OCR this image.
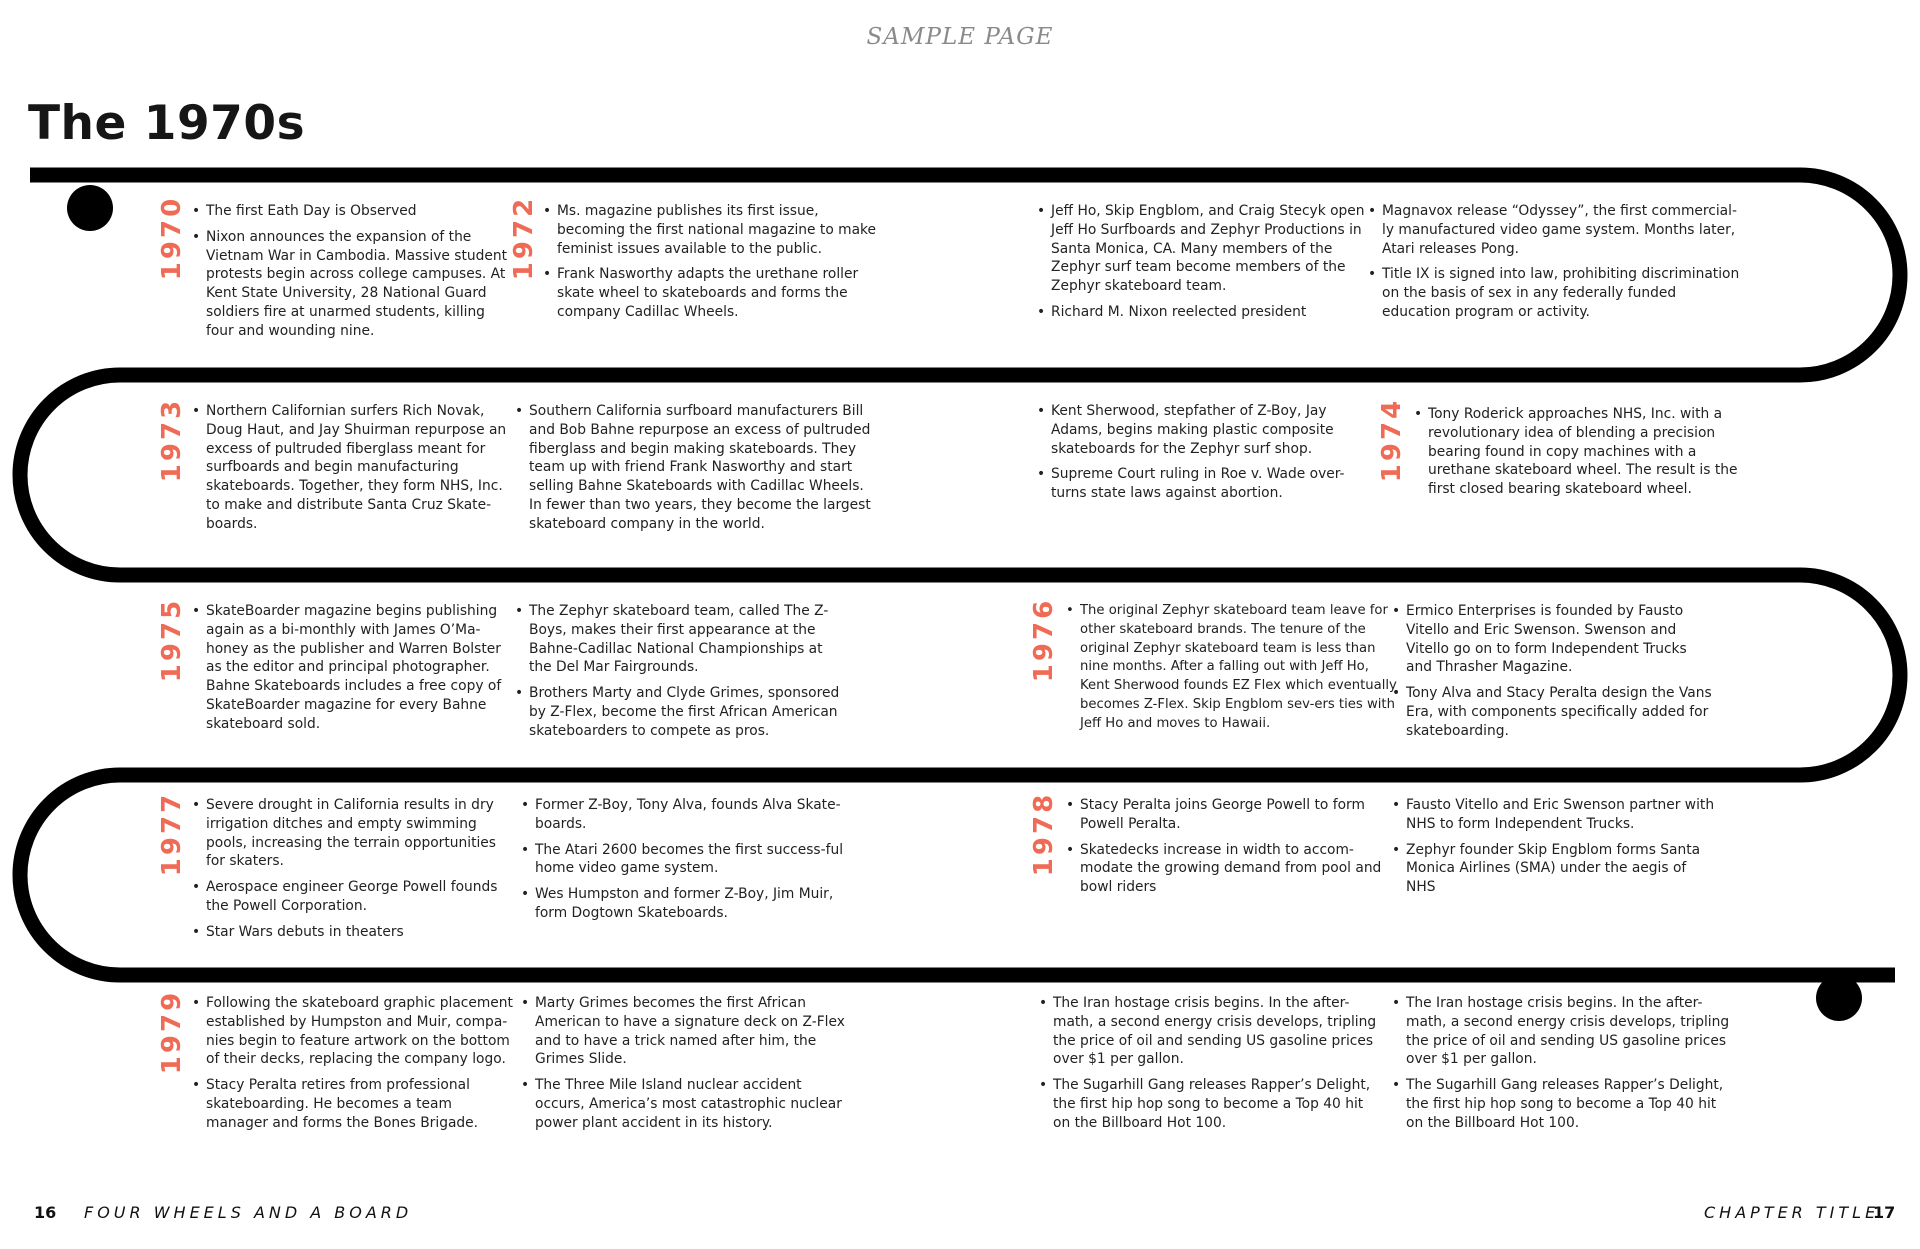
SAMPLE PAGE
The 1970s
1970	1972
1973	1974
1975	1976
1977	1978
1979
• The first Eath Day is Observed
• Nixon announces the expansion of the Vietnam War in Cambodia. Massive student protests begin across college campuses. At Kent State University, 28 National Guard soldiers fire at unarmed students, killing four and wounding nine.
• Ms. magazine publishes its first issue, becoming the first national magazine to make feminist issues available to the public.
• Frank Nasworthy adapts the urethane roller skate wheel to skateboards and forms the company Cadillac Wheels.
• Jeff Ho, Skip Engblom, and Craig Stecyk open Jeff Ho Surfboards and Zephyr Productions in Santa Monica, CA. Many members of the Zephyr surf team become members of the Zephyr skateboard team.
• Richard M. Nixon reelected president
• Magnavox release “Odyssey”, the first commercial-ly manufactured video game system. Months later, Atari releases Pong.
• Title IX is signed into law, prohibiting discrimination on the basis of sex in any federally funded education program or activity.
• Northern Californian surfers Rich Novak, Doug Haut, and Jay Shuirman repurpose an excess of pultruded fiberglass meant for surfboards and begin manufacturing skateboards. Together, they form NHS, Inc. to make and distribute Santa Cruz Skate-boards.
• Southern California surfboard manufacturers Bill and Bob Bahne repurpose an excess of pultruded fiberglass and begin making skateboards. They team up with friend Frank Nasworthy and start selling Bahne Skateboards with Cadillac Wheels. In fewer than two years, they become the largest skateboard company in the world.
• Kent Sherwood, stepfather of Z-Boy, Jay Adams, begins making plastic composite skateboards for the Zephyr surf shop.
• Supreme Court ruling in Roe v. Wade over-turns state laws against abortion.
• Tony Roderick approaches NHS, Inc. with a revolutionary idea of blending a precision bearing found in copy machines with a urethane skateboard wheel. The result is the first closed bearing skateboard wheel.
• SkateBoarder magazine begins publishing again as a bi-monthly with James O’Ma-honey as the publisher and Warren Bolster as the editor and principal photographer. Bahne Skateboards includes a free copy of SkateBoarder magazine for every Bahne skateboard sold.
• The Zephyr skateboard team, called The Z-Boys, makes their first appearance at the Bahne-Cadillac National Championships at the Del Mar Fairgrounds.
• Brothers Marty and Clyde Grimes, sponsored by Z-Flex, become the first African American skateboarders to compete as pros.
• The original Zephyr skateboard team leave for other skateboard brands. The tenure of the original Zephyr skateboard team is less than nine months. After a falling out with Jeff Ho, Kent Sherwood founds EZ Flex which eventually becomes Z-Flex. Skip Engblom sev-ers ties with Jeff Ho and moves to Hawaii.
• Ermico Enterprises is founded by Fausto Vitello and Eric Swenson. Swenson and Vitello go on to form Independent Trucks and Thrasher Magazine.
• Tony Alva and Stacy Peralta design the Vans Era, with components specifically added for skateboarding.
• Severe drought in California results in dry irrigation ditches and empty swimming pools, increasing the terrain opportunities for skaters.
• Aerospace engineer George Powell founds the Powell Corporation.
• Star Wars debuts in theaters
• Former Z-Boy, Tony Alva, founds Alva Skate-boards.
• The Atari 2600 becomes the first success-ful home video game system.
• Wes Humpston and former Z-Boy, Jim Muir, form Dogtown Skateboards.
• Stacy Peralta joins George Powell to form Powell Peralta.
• Skatedecks increase in width to accom-modate the growing demand from pool and bowl riders
• Fausto Vitello and Eric Swenson partner with NHS to form Independent Trucks.
• Zephyr founder Skip Engblom forms Santa Monica Airlines (SMA) under the aegis of NHS
• Following the skateboard graphic placement established by Humpston and Muir, compa-nies begin to feature artwork on the bottom of their decks, replacing the company logo.
• Stacy Peralta retires from professional skateboarding. He becomes a team manager and forms the Bones Brigade.
• Marty Grimes becomes the first African American to have a signature deck on Z-Flex and to have a trick named after him, the Grimes Slide.
• The Three Mile Island nuclear accident occurs, America’s most catastrophic nuclear power plant accident in its history.
• The Iran hostage crisis begins. In the after-math, a second energy crisis develops, tripling the price of oil and sending US gasoline prices over $1 per gallon.
• The Sugarhill Gang releases Rapper’s Delight, the first hip hop song to become a Top 40 hit on the Billboard Hot 100.
• The Iran hostage crisis begins. In the after-math, a second energy crisis develops, tripling the price of oil and sending US gasoline prices over $1 per gallon.
• The Sugarhill Gang releases Rapper’s Delight, the first hip hop song to become a Top 40 hit on the Billboard Hot 100.
16 FOUR WHEELS AND A BOARD	CHAPTER TITLE
17
